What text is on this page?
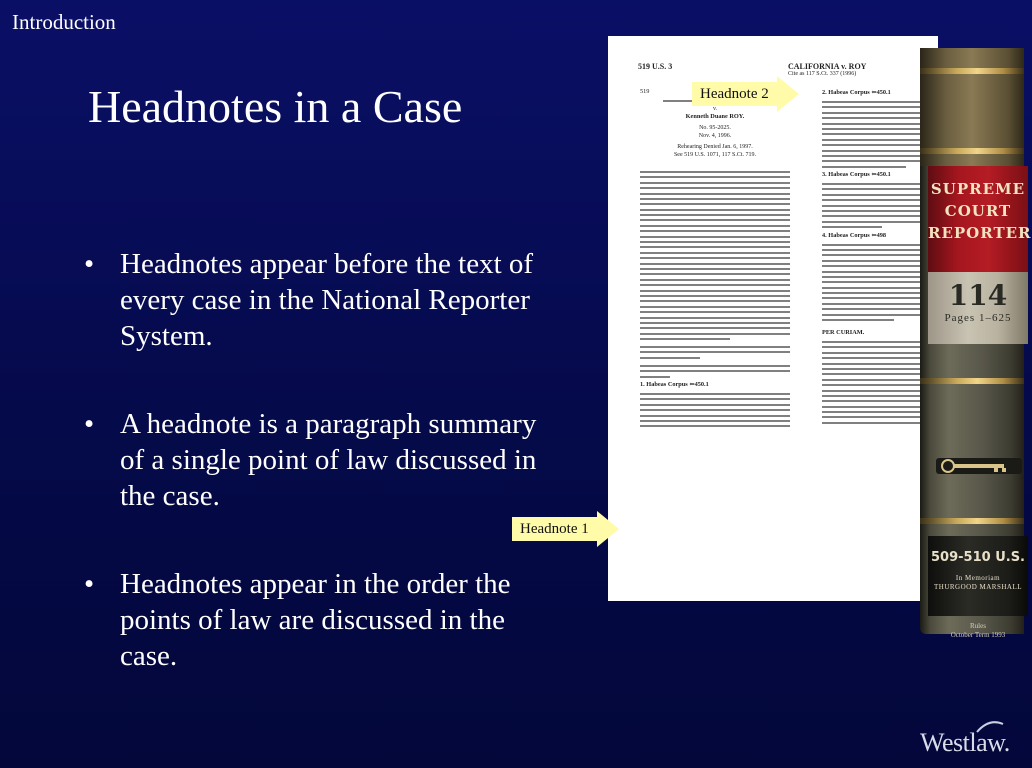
Introduction
Headnotes in a Case
• Headnotes appear before the text of every case in the National Reporter System.
• A headnote is a paragraph summary of a single point of law discussed in the case.
• Headnotes appear in the order the points of law are discussed in the case.
519 U.S. 3	CALIFORNIA v. ROY
Cite as 117 S.Ct. 337 (1996)
519
v.
Kenneth Duane ROY.
No. 95-2025.
Nov. 4, 1996.
Rehearing Denied Jan. 6, 1997.
See 519 U.S. 1071, 117 S.Ct. 719.
1. Habeas Corpus ⇐450.1
2. Habeas Corpus ⇐450.1
3. Habeas Corpus ⇐450.1
4. Habeas Corpus ⇐498
PER CURIAM.
SUPREME
COURT
REPORTER
114
Pages 1–625
509-510 U.S.
In Memoriam
THURGOOD MARSHALL
Rules
October Term 1993
Headnote 2
Headnote 1
Westlaw.
